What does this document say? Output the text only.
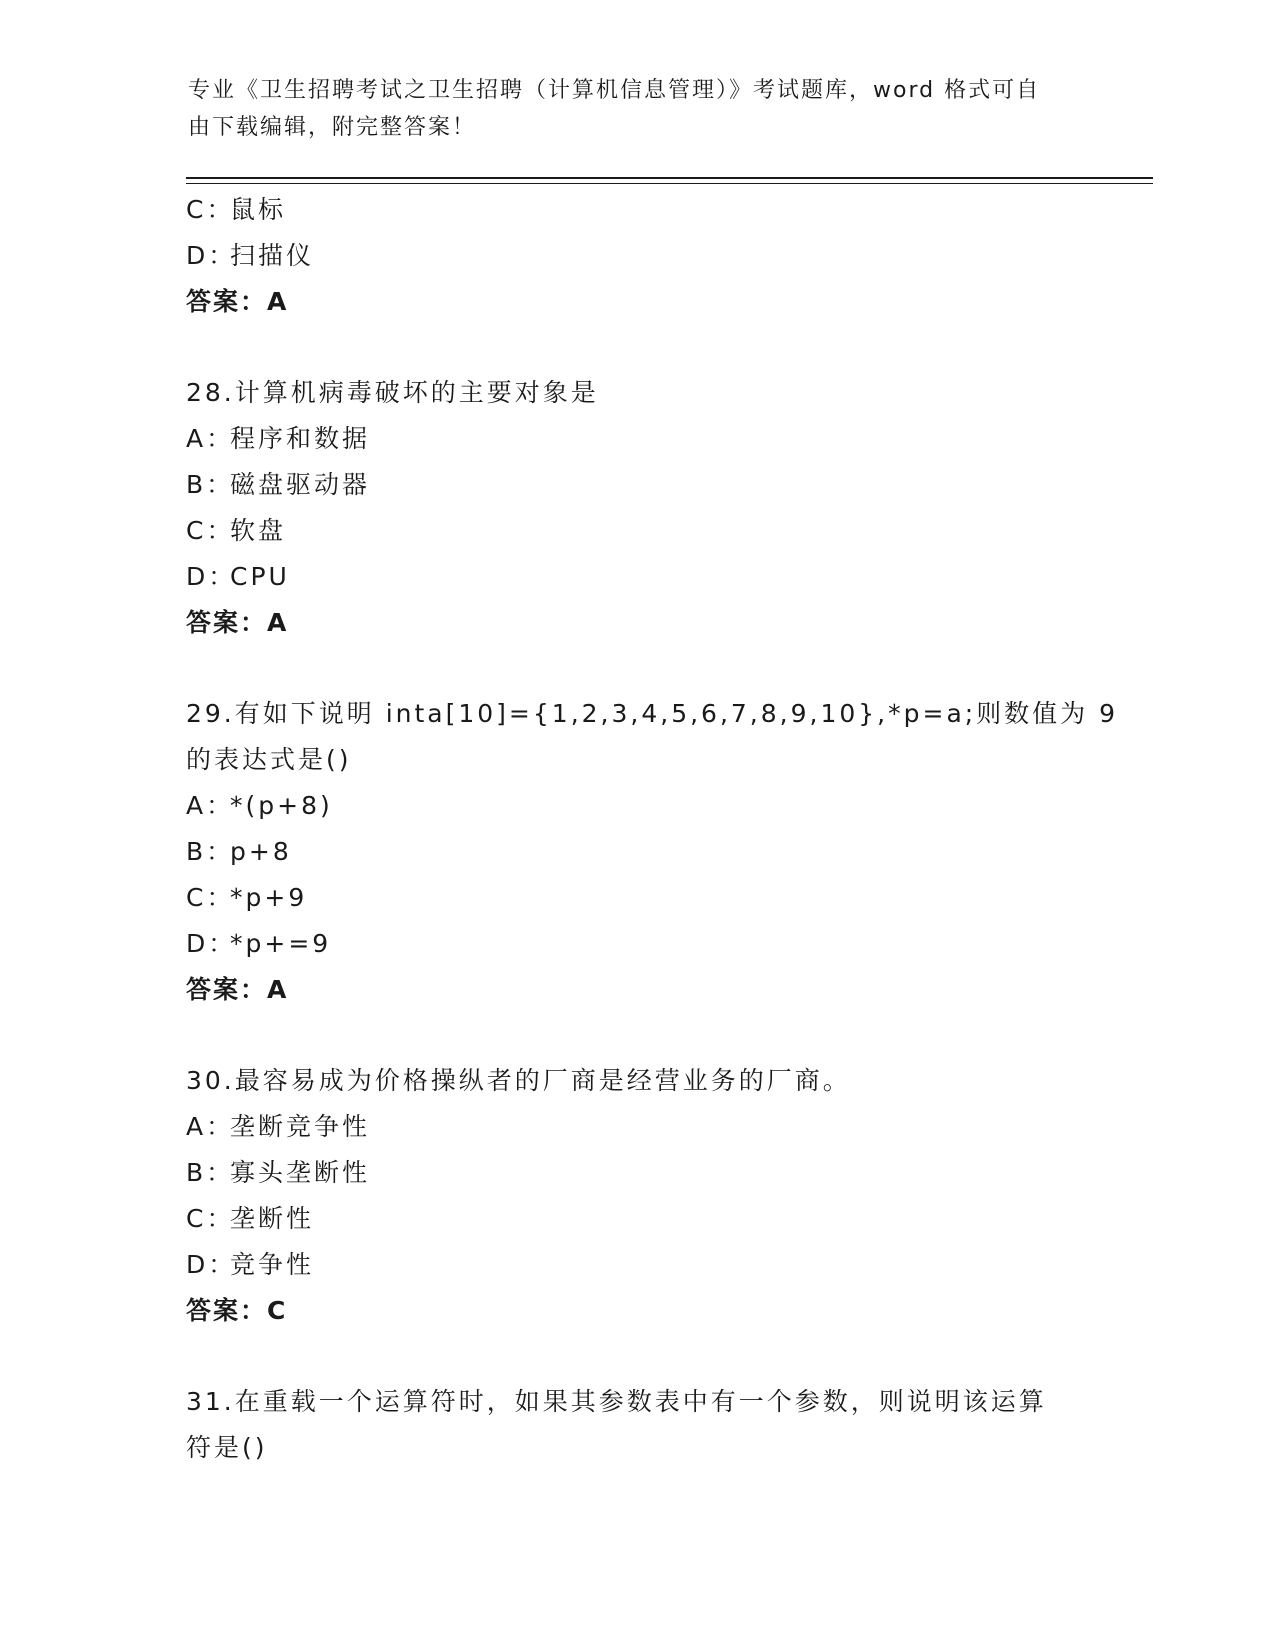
专业《卫生招聘考试之卫生招聘（计算机信息管理）》考试题库，word 格式可自
由下载编辑，附完整答案！
C：鼠标
D：扫描仪
答案：A
28.计算机病毒破坏的主要对象是
A：程序和数据
B：磁盘驱动器
C：软盘
D：CPU
答案：A
29.有如下说明 inta[10]={1,2,3,4,5,6,7,8,9,10},*p=a;则数值为 9
的表达式是()
A：*(p+8)
B：p+8
C：*p+9
D：*p+=9
答案：A
30.最容易成为价格操纵者的厂商是经营业务的厂商。
A：垄断竞争性
B：寡头垄断性
C：垄断性
D：竞争性
答案：C
31.在重载一个运算符时，如果其参数表中有一个参数，则说明该运算
符是()
